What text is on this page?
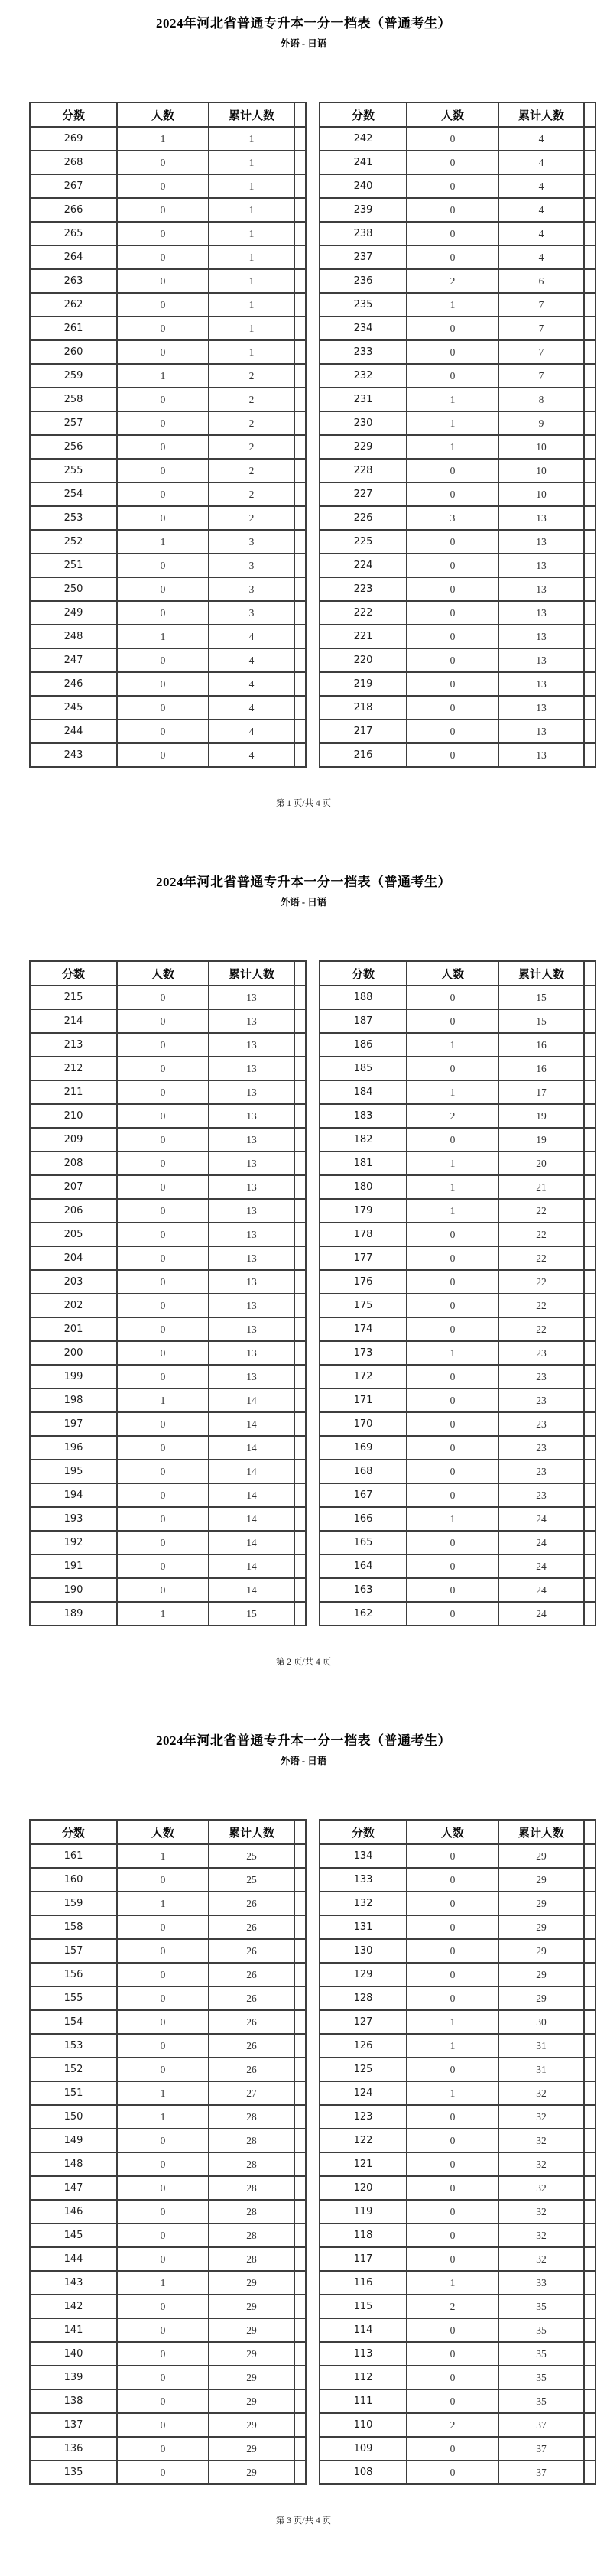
2024年河北省普通专升本一分一档表（普通考生）
外语 - 日语
分数	人数	累计人数	
269	1	1	
268	0	1	
267	0	1	
266	0	1	
265	0	1	
264	0	1	
263	0	1	
262	0	1	
261	0	1	
260	0	1	
259	1	2	
258	0	2	
257	0	2	
256	0	2	
255	0	2	
254	0	2	
253	0	2	
252	1	3	
251	0	3	
250	0	3	
249	0	3	
248	1	4	
247	0	4	
246	0	4	
245	0	4	
244	0	4	
243	0	4	
分数	人数	累计人数	
242	0	4	
241	0	4	
240	0	4	
239	0	4	
238	0	4	
237	0	4	
236	2	6	
235	1	7	
234	0	7	
233	0	7	
232	0	7	
231	1	8	
230	1	9	
229	1	10	
228	0	10	
227	0	10	
226	3	13	
225	0	13	
224	0	13	
223	0	13	
222	0	13	
221	0	13	
220	0	13	
219	0	13	
218	0	13	
217	0	13	
216	0	13	
第 1 页/共 4 页
2024年河北省普通专升本一分一档表（普通考生）
外语 - 日语
分数	人数	累计人数	
215	0	13	
214	0	13	
213	0	13	
212	0	13	
211	0	13	
210	0	13	
209	0	13	
208	0	13	
207	0	13	
206	0	13	
205	0	13	
204	0	13	
203	0	13	
202	0	13	
201	0	13	
200	0	13	
199	0	13	
198	1	14	
197	0	14	
196	0	14	
195	0	14	
194	0	14	
193	0	14	
192	0	14	
191	0	14	
190	0	14	
189	1	15	
分数	人数	累计人数	
188	0	15	
187	0	15	
186	1	16	
185	0	16	
184	1	17	
183	2	19	
182	0	19	
181	1	20	
180	1	21	
179	1	22	
178	0	22	
177	0	22	
176	0	22	
175	0	22	
174	0	22	
173	1	23	
172	0	23	
171	0	23	
170	0	23	
169	0	23	
168	0	23	
167	0	23	
166	1	24	
165	0	24	
164	0	24	
163	0	24	
162	0	24	
第 2 页/共 4 页
2024年河北省普通专升本一分一档表（普通考生）
外语 - 日语
分数	人数	累计人数	
161	1	25	
160	0	25	
159	1	26	
158	0	26	
157	0	26	
156	0	26	
155	0	26	
154	0	26	
153	0	26	
152	0	26	
151	1	27	
150	1	28	
149	0	28	
148	0	28	
147	0	28	
146	0	28	
145	0	28	
144	0	28	
143	1	29	
142	0	29	
141	0	29	
140	0	29	
139	0	29	
138	0	29	
137	0	29	
136	0	29	
135	0	29	
分数	人数	累计人数	
134	0	29	
133	0	29	
132	0	29	
131	0	29	
130	0	29	
129	0	29	
128	0	29	
127	1	30	
126	1	31	
125	0	31	
124	1	32	
123	0	32	
122	0	32	
121	0	32	
120	0	32	
119	0	32	
118	0	32	
117	0	32	
116	1	33	
115	2	35	
114	0	35	
113	0	35	
112	0	35	
111	0	35	
110	2	37	
109	0	37	
108	0	37	
第 3 页/共 4 页
